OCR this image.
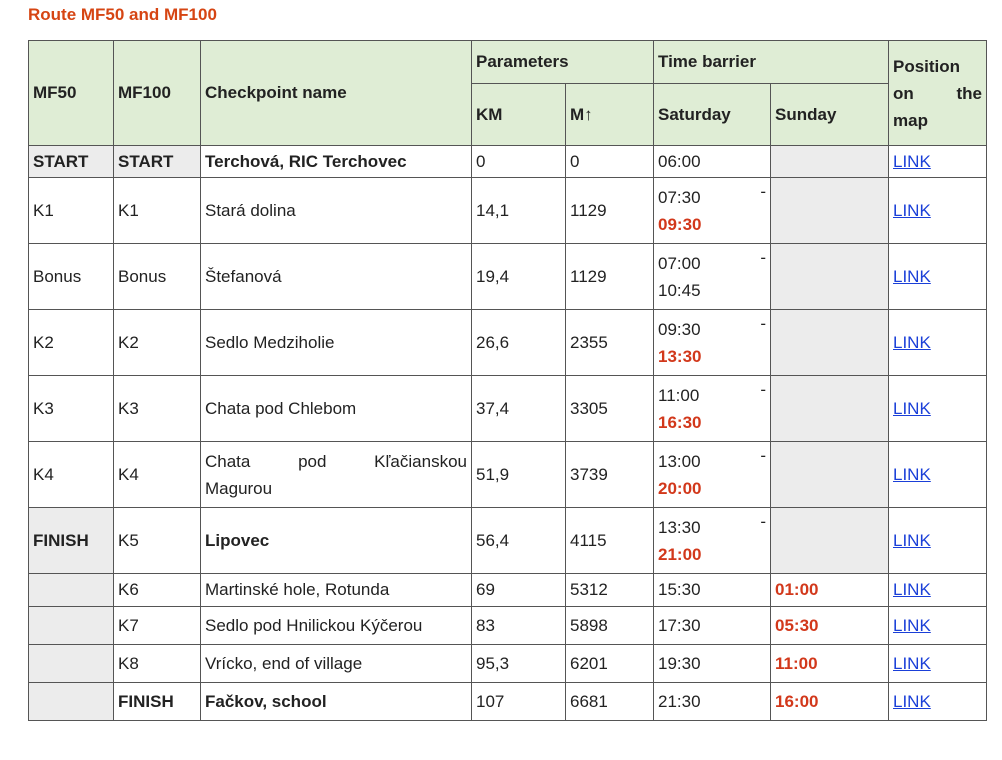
Route MF50 and MF100
MF50	MF100	Checkpoint name	Parameters		Time barrier		Position

on the
map
			KM	M↑	Saturday	Sunday	
START	START	Terchová, RIC Terchovec	0	0	06:00		LINK
K1	K1	Stará dolina	14,1	1129	07:30 -

09:30		LINK
Bonus	Bonus	Štefanová	19,4	1129	07:00 -

10:45		LINK
K2	K2	Sedlo Medziholie	26,6	2355	09:30 -

13:30		LINK
K3	K3	Chata pod Chlebom	37,4	3305	11:00 -

16:30		LINK
K4	K4	Chata pod Kľačianskou
Magurou	51,9	3739	13:00 -

20:00		LINK
FINISH	K5	Lipovec	56,4	4115	13:30 -

21:00		LINK
	K6	Martinské hole, Rotunda	69	5312	15:30	01:00	LINK
	K7	Sedlo pod Hnilickou Kýčerou	83	5898	17:30	05:30	LINK
	K8	Vrícko, end of village	95,3	6201	19:30	11:00	LINK
	FINISH	Fačkov, school	107	6681	21:30	16:00	LINK
